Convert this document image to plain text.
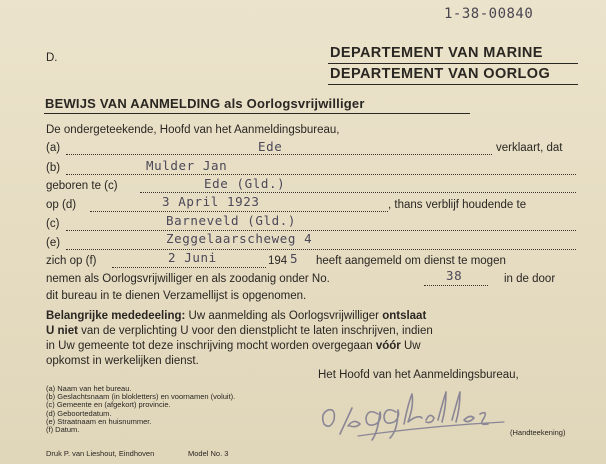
1-38-00840
D.	DEPARTEMENT VAN MARINE
DEPARTEMENT VAN OORLOG
BEWIJS VAN AANMELDING als Oorlogsvrijwilliger
De ondergeteekende, Hoofd van het Aanmeldingsbureau,
(a)	Ede	verklaart, dat
(b)	Mulder Jan
geboren te (c)	Ede (Gld.)
op (d)	3 April 1923	, thans verblijf houdende te
(c)	Barneveld (Gld.)
(e)	Zeggelaarscheweg 4
zich op (f)	2 Juni	194 5 heeft aangemeld om dienst te mogen
nemen als Oorlogsvrijwilliger en als zoodanig onder No.	38	in de door
dit bureau in te dienen Verzamellijst is opgenomen.
Belangrijke mededeeling: Uw aanmelding als Oorlogsvrijwilliger ontslaat
U niet van de verplichting U voor den dienstplicht te laten inschrijven, indien
in Uw gemeente tot deze inschrijving mocht worden overgegaan vóór Uw
opkomst in werkelijken dienst.
Het Hoofd van het Aanmeldingsbureau,
(a) Naam van het bureau.
(b) Geslachtsnaam (in blokletters) en voornamen (voluit).
(c) Gemeente en (afgekort) provincie.
(d) Geboortedatum.
(e) Straatnaam en huisnummer.
(f) Datum.	(Handteekening)
Druk P. van Lieshout, Eindhoven	Model No. 3
